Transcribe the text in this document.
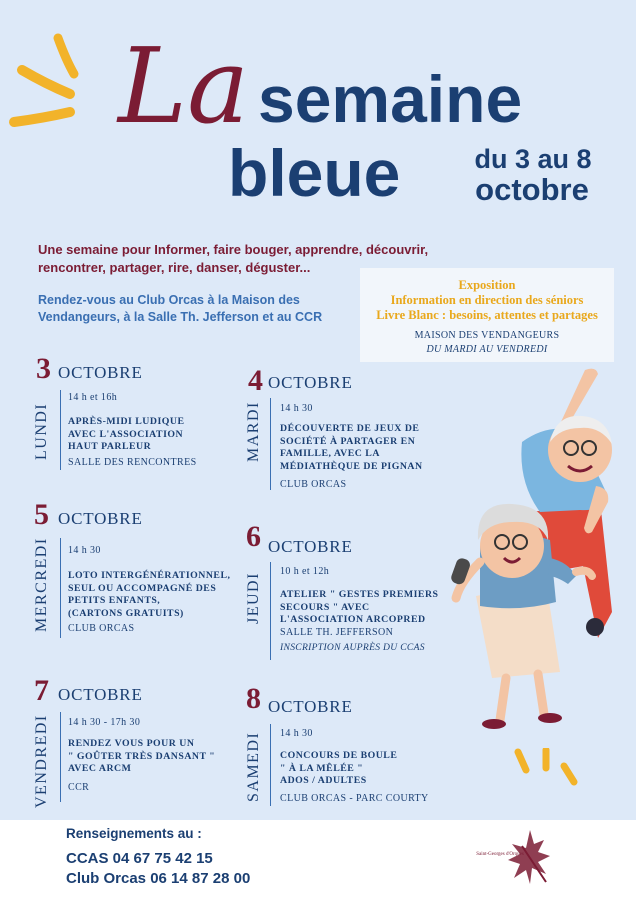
La semaine
bleue	du 3 au 8
octobre
Une semaine pour Informer, faire bouger, apprendre, découvrir,
rencontrer, partager, rire, danser, déguster...
Rendez-vous au Club Orcas à la Maison des
Vendangeurs, à la Salle Th. Jefferson et au CCR
Exposition
Information en direction des séniors
Livre Blanc : besoins, attentes et partages
MAISON DES VENDANGEURS
DU MARDI AU VENDREDI
3 OCTOBRE
LUNDI
14 h et 16h
APRÈS-MIDI LUDIQUE
AVEC L'ASSOCIATION
HAUT PARLEUR
SALLE DES RENCONTRES
4 OCTOBRE
MARDI 14 h 30
DÉCOUVERTE DE JEUX DE
SOCIÉTÉ À PARTAGER EN
FAMILLE, AVEC LA
MÉDIATHÈQUE DE PIGNAN
CLUB ORCAS
5 OCTOBRE
MERCREDI 14 h 30
LOTO INTERGÉNÉRATIONNEL,
SEUL OU ACCOMPAGNÉ DES
PETITS ENFANTS,
(CARTONS GRATUITS)
CLUB ORCAS
6 OCTOBRE
JEUDI
10 h et 12h
ATELIER " GESTES PREMIERS
SECOURS " AVEC
L'ASSOCIATION ARCOPRED
SALLE TH. JEFFERSON
INSCRIPTION AUPRÈS DU CCAS
7 OCTOBRE
VENDREDI 14 h 30 - 17h 30
RENDEZ VOUS POUR UN
" GOÛTER TRÈS DANSANT "
AVEC ARCM
CCR
8 OCTOBRE
SAMEDI 14 h 30
CONCOURS DE BOULE
" À LA MÊLÉE "
ADOS / ADULTES
CLUB ORCAS - PARC COURTY
Renseignements au :
CCAS 04 67 75 42 15
Club Orcas 06 14 87 28 00
Saint-Georges d'Orques
